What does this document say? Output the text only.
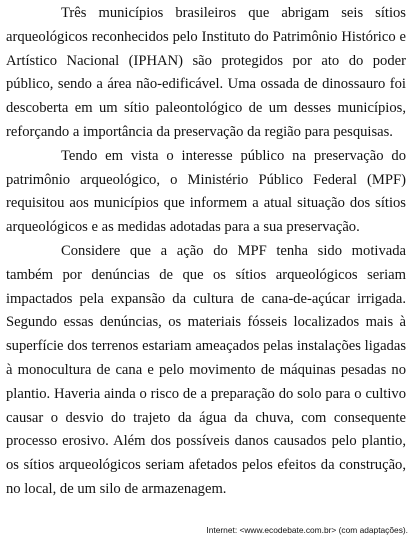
Três municípios brasileiros que abrigam seis sítios arqueológicos reconhecidos pelo Instituto do Patrimônio Histórico e Artístico Nacional (IPHAN) são protegidos por ato do poder público, sendo a área não-edificável. Uma ossada de dinossauro foi descoberta em um sítio paleontológico de um desses municípios, reforçando a importância da preservação da região para pesquisas.

Tendo em vista o interesse público na preservação do patrimônio arqueológico, o Ministério Público Federal (MPF) requisitou aos municípios que informem a atual situação dos sítios arqueológicos e as medidas adotadas para a sua preservação.

Considere que a ação do MPF tenha sido motivada também por denúncias de que os sítios arqueológicos seriam impactados pela expansão da cultura de cana-de-açúcar irrigada. Segundo essas denúncias, os materiais fósseis localizados mais à superfície dos terrenos estariam ameaçados pelas instalações ligadas à monocultura de cana e pelo movimento de máquinas pesadas no plantio. Haveria ainda o risco de a preparação do solo para o cultivo causar o desvio do trajeto da água da chuva, com consequente processo erosivo. Além dos possíveis danos causados pelo plantio, os sítios arqueológicos seriam afetados pelos efeitos da construção, no local, de um silo de armazenagem.

Internet: <www.ecodebate.com.br> (com adaptações).
